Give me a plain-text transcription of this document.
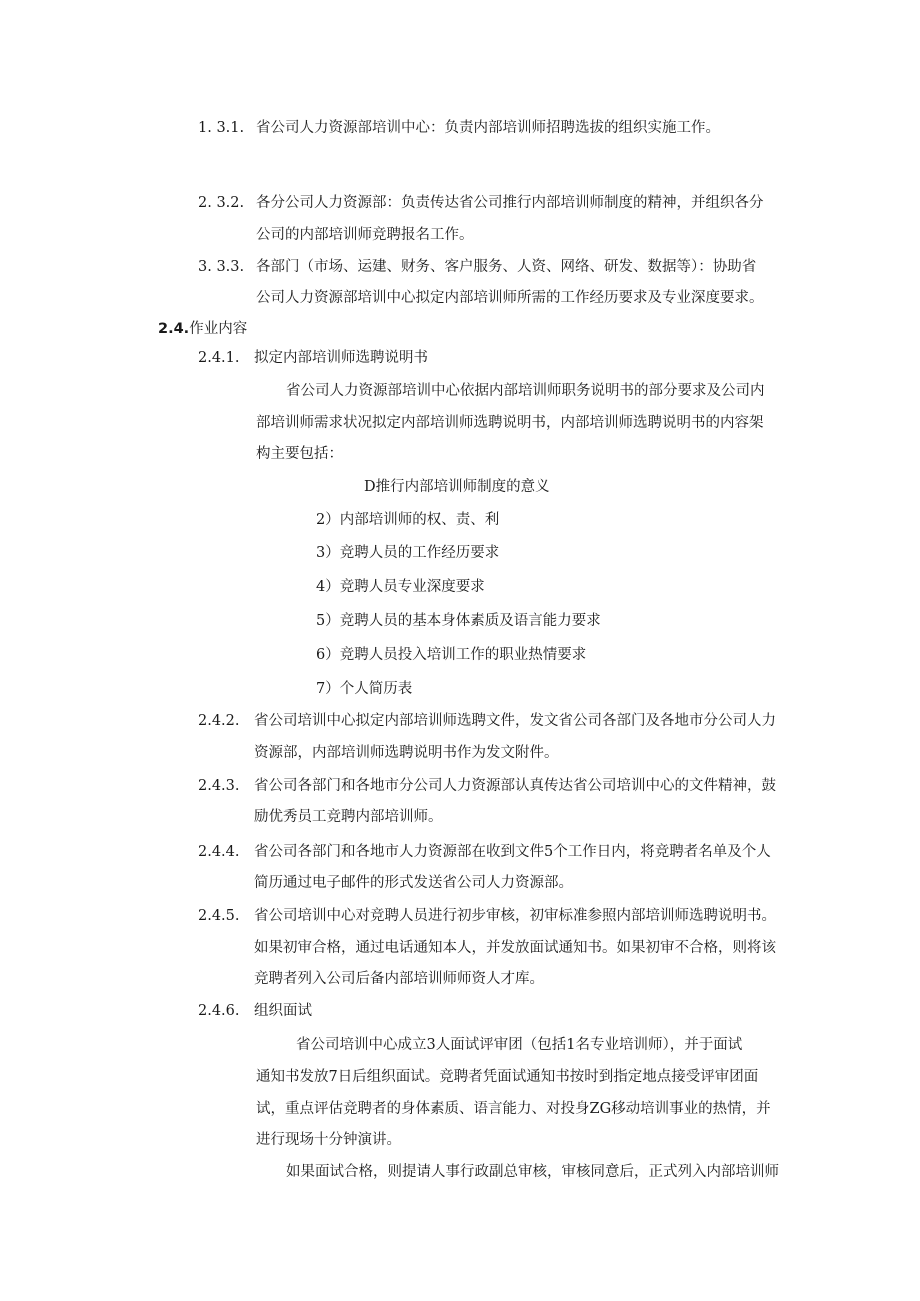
1. 3.1. 省公司人力资源部培训中心：负责内部培训师招聘选拔的组织实施工作。
2. 3.2. 各分公司人力资源部：负责传达省公司推行内部培训师制度的精神，并组织各分
公司的内部培训师竞聘报名工作。
3. 3.3. 各部门（市场、运建、财务、客户服务、人资、网络、研发、数据等）：协助省
公司人力资源部培训中心拟定内部培训师所需的工作经历要求及专业深度要求。
2.4.作业内容
2.4.1. 拟定内部培训师选聘说明书
省公司人力资源部培训中心依据内部培训师职务说明书的部分要求及公司内
部培训师需求状况拟定内部培训师选聘说明书，内部培训师选聘说明书的内容架
构主要包括：
D推行内部培训师制度的意义
2）内部培训师的权、责、利
3）竞聘人员的工作经历要求
4）竞聘人员专业深度要求
5）竞聘人员的基本身体素质及语言能力要求
6）竞聘人员投入培训工作的职业热情要求
7）个人简历表
2.4.2. 省公司培训中心拟定内部培训师选聘文件，发文省公司各部门及各地市分公司人力
资源部，内部培训师选聘说明书作为发文附件。
2.4.3. 省公司各部门和各地市分公司人力资源部认真传达省公司培训中心的文件精神，鼓
励优秀员工竞聘内部培训师。
2.4.4. 省公司各部门和各地市人力资源部在收到文件5个工作日内，将竞聘者名单及个人
简历通过电子邮件的形式发送省公司人力资源部。
2.4.5. 省公司培训中心对竞聘人员进行初步审核，初审标准参照内部培训师选聘说明书。
如果初审合格，通过电话通知本人，并发放面试通知书。如果初审不合格，则将该
竞聘者列入公司后备内部培训师师资人才库。
2.4.6. 组织面试
省公司培训中心成立3人面试评审团（包括1名专业培训师），并于面试
通知书发放7日后组织面试。竞聘者凭面试通知书按时到指定地点接受评审团面
试，重点评估竞聘者的身体素质、语言能力、对投身ZG移动培训事业的热情，并
进行现场十分钟演讲。
如果面试合格，则提请人事行政副总审核，审核同意后，正式列入内部培训师
